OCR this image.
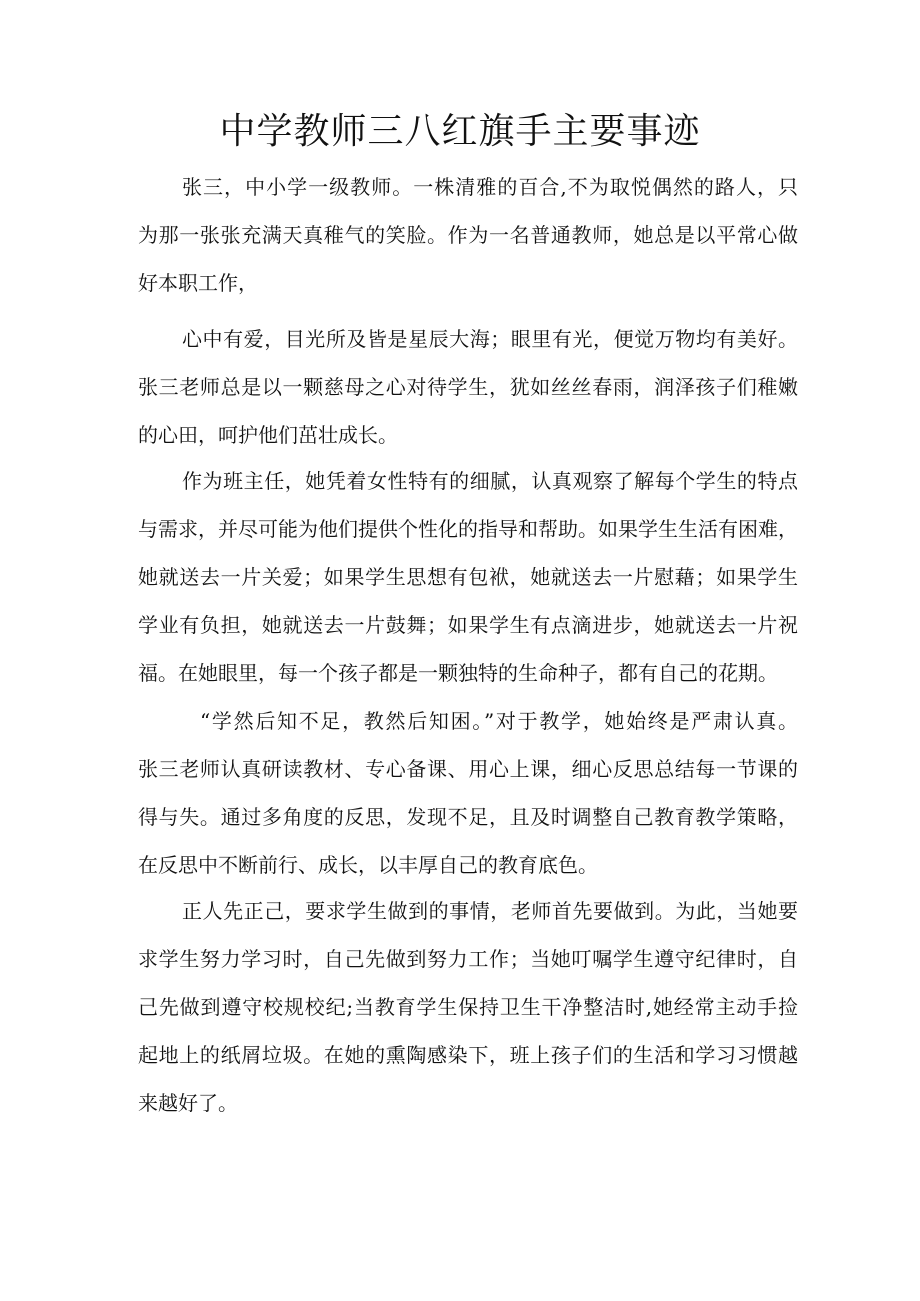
中学教师三八红旗手主要事迹
张三，中小学一级教师。一株清雅的百合,不为取悦偶然的路人，只
为那一张张充满天真稚气的笑脸。作为一名普通教师，她总是以平常心做
好本职工作，
心中有爱，目光所及皆是星辰大海；眼里有光，便觉万物均有美好。
张三老师总是以一颗慈母之心对待学生，犹如丝丝春雨，润泽孩子们稚嫩
的心田，呵护他们茁壮成长。
作为班主任，她凭着女性特有的细腻，认真观察了解每个学生的特点
与需求，并尽可能为他们提供个性化的指导和帮助。如果学生生活有困难，
她就送去一片关爱；如果学生思想有包袱，她就送去一片慰藉；如果学生
学业有负担，她就送去一片鼓舞；如果学生有点滴进步，她就送去一片祝
福。在她眼里，每一个孩子都是一颗独特的生命种子，都有自己的花期。
“学然后知不足，教然后知困。”对于教学，她始终是严肃认真。
张三老师认真研读教材、专心备课、用心上课，细心反思总结每一节课的
得与失。通过多角度的反思，发现不足，且及时调整自己教育教学策略，
在反思中不断前行、成长，以丰厚自己的教育底色。
正人先正己，要求学生做到的事情，老师首先要做到。为此，当她要
求学生努力学习时，自己先做到努力工作；当她叮嘱学生遵守纪律时，自
己先做到遵守校规校纪;当教育学生保持卫生干净整洁时,她经常主动手捡
起地上的纸屑垃圾。在她的熏陶感染下，班上孩子们的生活和学习习惯越
来越好了。
